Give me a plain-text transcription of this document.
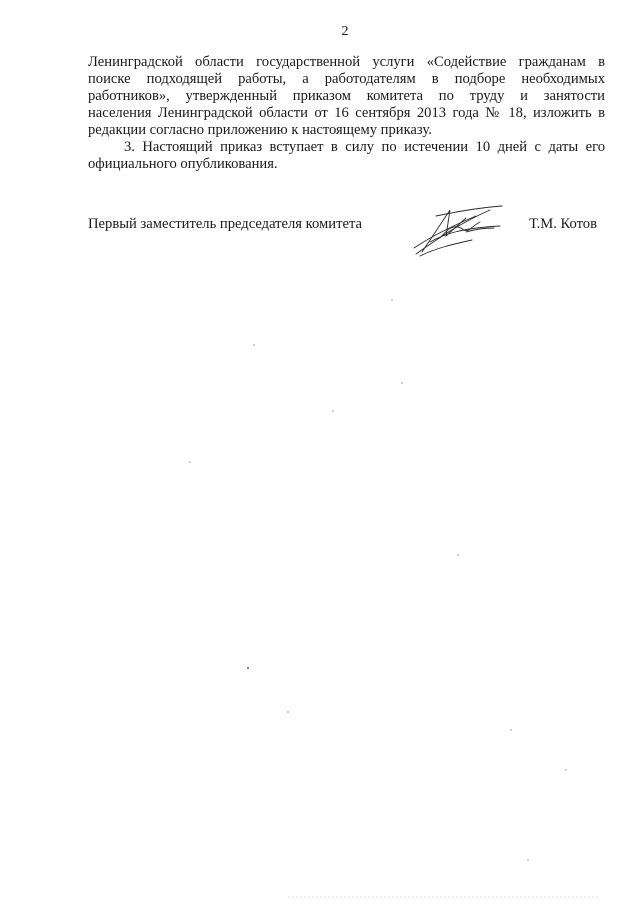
2

Ленинградской области государственной услуги «Содействие гражданам в
поиске подходящей работы, а работодателям в подборе необходимых
работников», утвержденный приказом комитета по труду и занятости
населения Ленинградской области от 16 сентября 2013 года № 18, изложить в
редакции согласно приложению к настоящему приказу.

3. Настоящий приказ вступает в силу по истечении 10 дней с даты его
официального опубликования.

Первый заместитель председателя комитета	Т.М. Котов
